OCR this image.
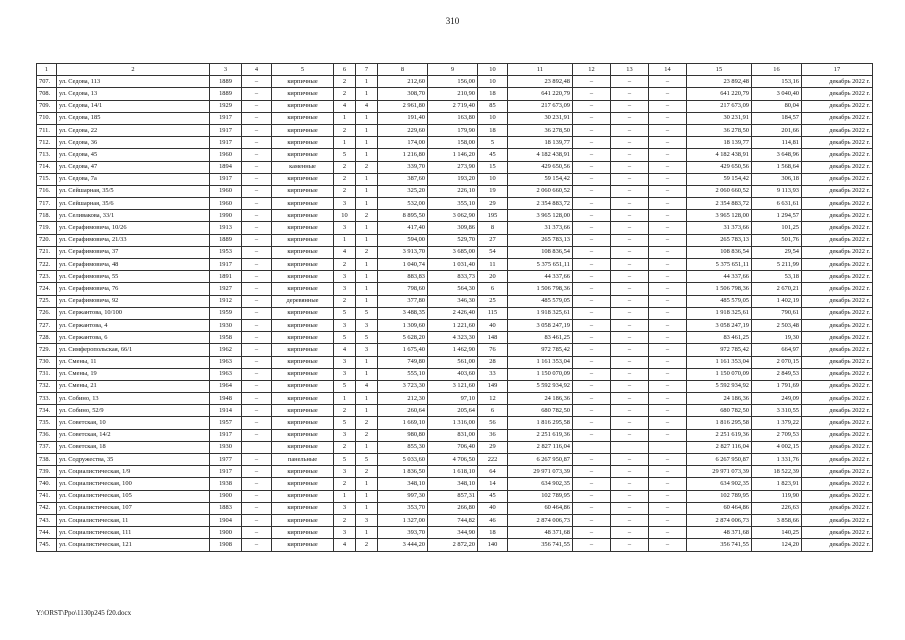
310
1	2	3	4	5	6	7	8	9	10	11	12	13	14	15	16	17
707.	ул. Седова, 113	1889	–	кирпичные	2	1	212,60	156,00	10	23 892,48	–	–	–	23 892,48	153,16	декабрь 2022 г.
708.	ул. Седова, 13	1889	–	кирпичные	2	1	308,70	210,90	18	641 220,79	–	–	–	641 220,79	3 040,40	декабрь 2022 г.
709.	ул. Седова, 14/1	1929	–	кирпичные	4	4	2 961,80	2 719,40	85	217 673,09	–	–	–	217 673,09	80,04	декабрь 2022 г.
710.	ул. Седова, 185	1917	–	кирпичные	1	1	191,40	163,80	10	30 231,91	–	–	–	30 231,91	184,57	декабрь 2022 г.
711.	ул. Седова, 22	1917	–	кирпичные	2	1	229,60	179,90	18	36 278,50	–	–	–	36 278,50	201,66	декабрь 2022 г.
712.	ул. Седова, 36	1917	–	кирпичные	1	1	174,00	158,00	5	18 139,77	–	–	–	18 139,77	114,81	декабрь 2022 г.
713.	ул. Седова, 45	1960	–	кирпичные	5	1	1 216,80	1 146,20	45	4 182 438,91	–	–	–	4 182 438,91	3 648,96	декабрь 2022 г.
714.	ул. Седова, 47	1894	–	каменные	2	2	339,70	273,90	15	429 650,56	–	–	–	429 650,56	1 568,64	декабрь 2022 г.
715.	ул. Седова, 7а	1917	–	кирпичные	2	1	387,60	193,20	10	59 154,42	–	–	–	59 154,42	306,18	декабрь 2022 г.
716.	ул. Сейшарная, 35/5	1960	–	кирпичные	2	1	325,20	226,10	19	2 060 660,52	–	–	–	2 060 660,52	9 113,93	декабрь 2022 г.
717.	ул. Сейшарная, 35/6	1960	–	кирпичные	3	1	532,00	355,10	29	2 354 883,72	–	–	–	2 354 883,72	6 631,61	декабрь 2022 г.
718.	ул. Селивакова, 33/1	1990	–	кирпичные	10	2	8 895,50	3 062,90	195	3 965 128,00	–	–	–	3 965 128,00	1 294,57	декабрь 2022 г.
719.	ул. Серафимовича, 10/26	1913	–	кирпичные	3	1	417,40	309,86	8	31 373,66	–	–	–	31 373,66	101,25	декабрь 2022 г.
720.	ул. Серафимовича, 21/33	1889	–	кирпичные	1	1	594,00	529,70	27	265 783,13	–	–	–	265 783,13	501,76	декабрь 2022 г.
721.	ул. Серафимовича, 37	1953	–	кирпичные	4	2	3 913,70	3 685,00	54	108 836,54	–	–	–	108 836,54	29,54	декабрь 2022 г.
722.	ул. Серафимовича, 48	1917	–	кирпичные	2	1	1 040,74	1 031,40	11	5 375 651,11	–	–	–	5 375 651,11	5 211,99	декабрь 2022 г.
723.	ул. Серафимовича, 55	1891	–	кирпичные	3	1	883,83	833,73	20	44 337,66	–	–	–	44 337,66	53,18	декабрь 2022 г.
724.	ул. Серафимовича, 76	1927	–	кирпичные	3	1	798,60	564,30	6	1 506 798,36	–	–	–	1 506 798,36	2 670,21	декабрь 2022 г.
725.	ул. Серафимовича, 92	1912	–	деревянные	2	1	377,80	346,30	25	485 579,05	–	–	–	485 579,05	1 402,19	декабрь 2022 г.
726.	ул. Сержантова, 10/100	1959	–	кирпичные	5	5	3 488,35	2 426,40	115	1 918 325,61	–	–	–	1 918 325,61	790,61	декабрь 2022 г.
727.	ул. Сержантова, 4	1930	–	кирпичные	3	3	1 309,60	1 221,60	40	3 058 247,19	–	–	–	3 058 247,19	2 503,48	декабрь 2022 г.
728.	ул. Сержантова, 6	1958	–	кирпичные	5	5	5 628,20	4 323,30	148	83 461,25	–	–	–	83 461,25	19,30	декабрь 2022 г.
729.	ул. Симферопольская, 66/1	1962	–	кирпичные	4	3	1 675,40	1 462,90	76	972 785,42	–	–	–	972 785,42	664,97	декабрь 2022 г.
730.	ул. Смены, 11	1963	–	кирпичные	3	1	749,80	561,00	28	1 161 353,04	–	–	–	1 161 353,04	2 070,15	декабрь 2022 г.
731.	ул. Смены, 19	1963	–	кирпичные	3	1	555,10	403,60	33	1 150 070,09	–	–	–	1 150 070,09	2 849,53	декабрь 2022 г.
732.	ул. Смены, 21	1964	–	кирпичные	5	4	3 723,30	3 121,60	149	5 592 934,92	–	–	–	5 592 934,92	1 791,69	декабрь 2022 г.
733.	ул. Собино, 13	1948	–	кирпичные	1	1	212,30	97,10	12	24 186,36	–	–	–	24 186,36	249,09	декабрь 2022 г.
734.	ул. Собино, 52/9	1914	–	кирпичные	2	1	260,64	205,64	6	680 782,50	–	–	–	680 782,50	3 310,55	декабрь 2022 г.
735.	ул. Советская, 10	1957	–	кирпичные	5	2	1 669,10	1 316,00	56	1 816 295,58	–	–	–	1 816 295,58	1 379,22	декабрь 2022 г.
736.	ул. Советская, 14/2	1917	–	кирпичные	3	2	980,80	831,00	36	2 251 619,36	–	–	–	2 251 619,36	2 709,53	декабрь 2022 г.
737.	ул. Советская, 18	1930		кирпичные	2	1	855,30	706,40	29	2 827 116,04				2 827 116,04	4 002,15	декабрь 2022 г.
738.	ул. Содружества, 35	1977	–	панельные	5	5	5 033,60	4 706,50	222	6 267 950,87	–	–	–	6 267 950,87	1 331,76	декабрь 2022 г.
739.	ул. Социалистическая, 1/9	1917	–	кирпичные	3	2	1 836,50	1 618,10	64	29 971 073,39	–	–	–	29 971 073,39	18 522,39	декабрь 2022 г.
740.	ул. Социалистическая, 100	1938	–	кирпичные	2	1	348,10	348,10	14	634 902,35	–	–	–	634 902,35	1 823,91	декабрь 2022 г.
741.	ул. Социалистическая, 105	1900	–	кирпичные	1	1	997,30	857,31	45	102 789,95	–	–	–	102 789,95	119,90	декабрь 2022 г.
742.	ул. Социалистическая, 107	1883	–	кирпичные	3	1	353,70	266,80	40	60 464,86	–	–	–	60 464,86	226,63	декабрь 2022 г.
743.	ул. Социалистическая, 11	1904	–	кирпичные	2	3	1 327,00	744,82	46	2 874 006,73	–	–	–	2 874 006,73	3 858,66	декабрь 2022 г.
744.	ул. Социалистическая, 111	1900	–	кирпичные	3	1	393,70	344,90	18	48 371,68	–	–	–	48 371,68	140,25	декабрь 2022 г.
745.	ул. Социалистическая, 121	1908	–	кирпичные	4	2	3 444,20	2 872,20	140	356 741,55	–	–	–	356 741,55	124,20	декабрь 2022 г.
Y:\ORST\Ppo\1130p245 f20.docx
